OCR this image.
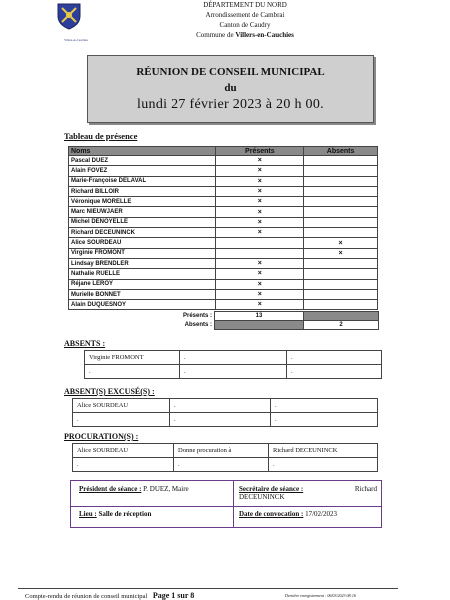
Villers-en-Cauchies
DÉPARTEMENT DU NORD
Arrondissement de Cambrai
Canton de Caudry
Commune de Villers-en-Cauchies
RÉUNION DE CONSEIL MUNICIPAL
du
lundi 27 février 2023 à 20 h 00.
Tableau de présence
Noms	Présents	Absents
Pascal DUEZ	×	
Alain FOVEZ	×	
Marie-Françoise DELAVAL	×	
Richard BILLOIR	×	
Véronique MORELLE	×	
Marc NIEUWJAER	×	
Michel DENOYELLE	×	
Richard DECEUNINCK	×	
Alice SOURDEAU		×
Virginie FROMONT		×
Lindsay BRENDLER	×	
Nathalie RUELLE	×	
Réjane LEROY	×	
Murielle BONNET	×	
Alain DUQUESNOY	×	
Présents :	13	
Absents :		2
ABSENTS :
Virginie FROMONT	.	.
.	.	.
ABSENT(S) EXCUSÉ(S) :
Alice SOURDEAU	.	.
.	.	.
PROCURATION(S) :
Alice SOURDEAU	Donne procuration à	Richard DECEUNINCK
.	.	.
Président de séance : P. DUEZ, Maire	Secrétaire de séance :	Richard
DECEUNINCK
Lieu : Salle de réception	Date de convocation : 17/02/2023
Compte-rendu de réunion de conseil municipal Page 1 sur 8	Dernière enregistrement : 06/03/2023 08:16
